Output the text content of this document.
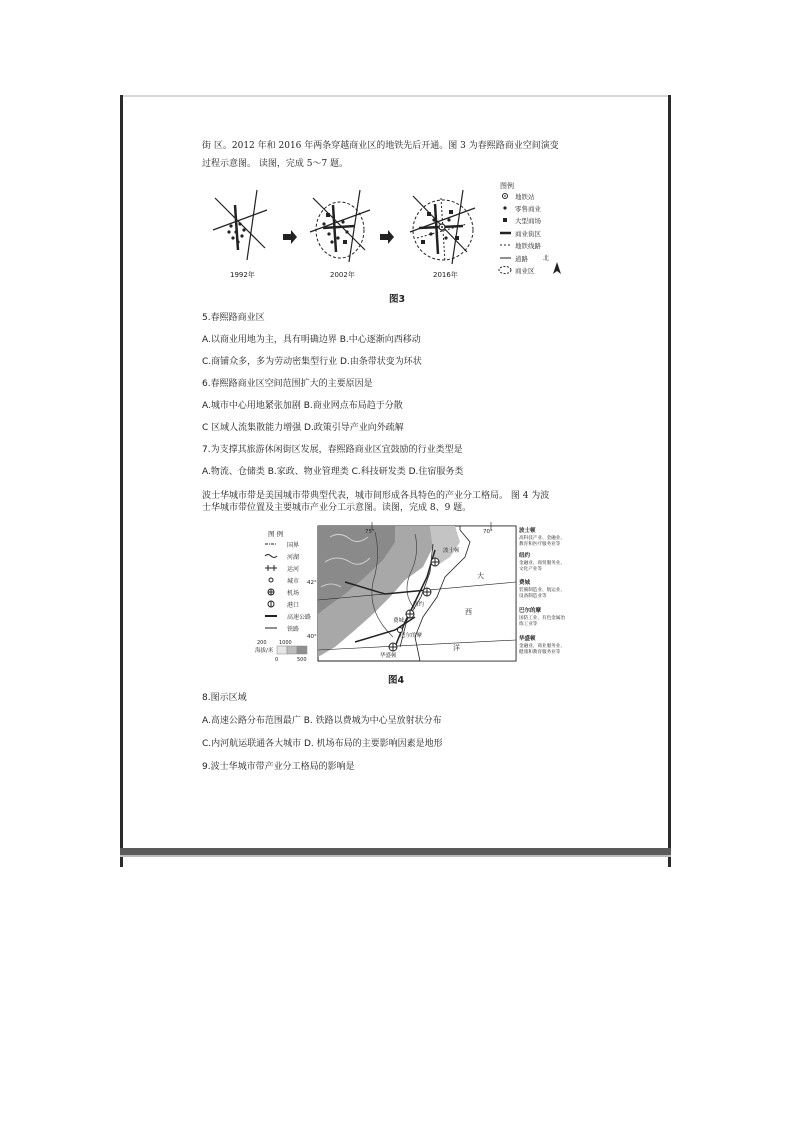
街 区。2012 年和 2016 年两条穿越商业区的地铁先后开通。图 3 为春熙路商业空间演变
过程示意图。 读图，完成 5～7 题。
1992年	2002年	2016年
图例
地铁站
零售商业
大型商场
商业街区
地铁线路
道路
商业区
北
图3
5.春熙路商业区
A.以商业用地为主，具有明确边界 B.中心逐渐向西移动
C.商铺众多，多为劳动密集型行业 D.由条带状变为环状
6.春熙路商业区空间范围扩大的主要原因是
A.城市中心用地紧张加剧 B.商业网点布局趋于分散
C 区域人流集散能力增强 D.政策引导产业向外疏解
7.为支撑其旅游休闲街区发展，春熙路商业区宜鼓励的行业类型是
A.物流、仓储类 B.家政、物业管理类 C.科技研发类 D.住宿服务类
波士华城市带是美国城市带典型代表，城市间形成各具特色的产业分工格局。 图 4 为波
士华城市带位置及主要城市产业分工示意图。读图，完成 8、9 题。
图 例
国界
河湖
运河
城市
机场
港口
高速公路
铁路
海拔/米
200 1000
0	500
75°	70°
42°
40°
波士顿
纽约
费城
巴尔的摩
华盛顿
大
西
洋
波士顿
高科技产业、金融业、
教育和医疗服务业等
纽约
金融业、商贸服务业、
文化产业等
费城
装備制造业、航运业、
设备制造业等
巴尔的摩
国防工业、有色金属冶
炼工业等
华盛顿
金融业、商业服务业、
健康和教育服务业等
图4
8.图示区域
A.高速公路分布范围最广 B. 铁路以费城为中心呈放射状分布
C.内河航运联通各大城市 D. 机场布局的主要影响因素是地形
9.波士华城市带产业分工格局的影响是
